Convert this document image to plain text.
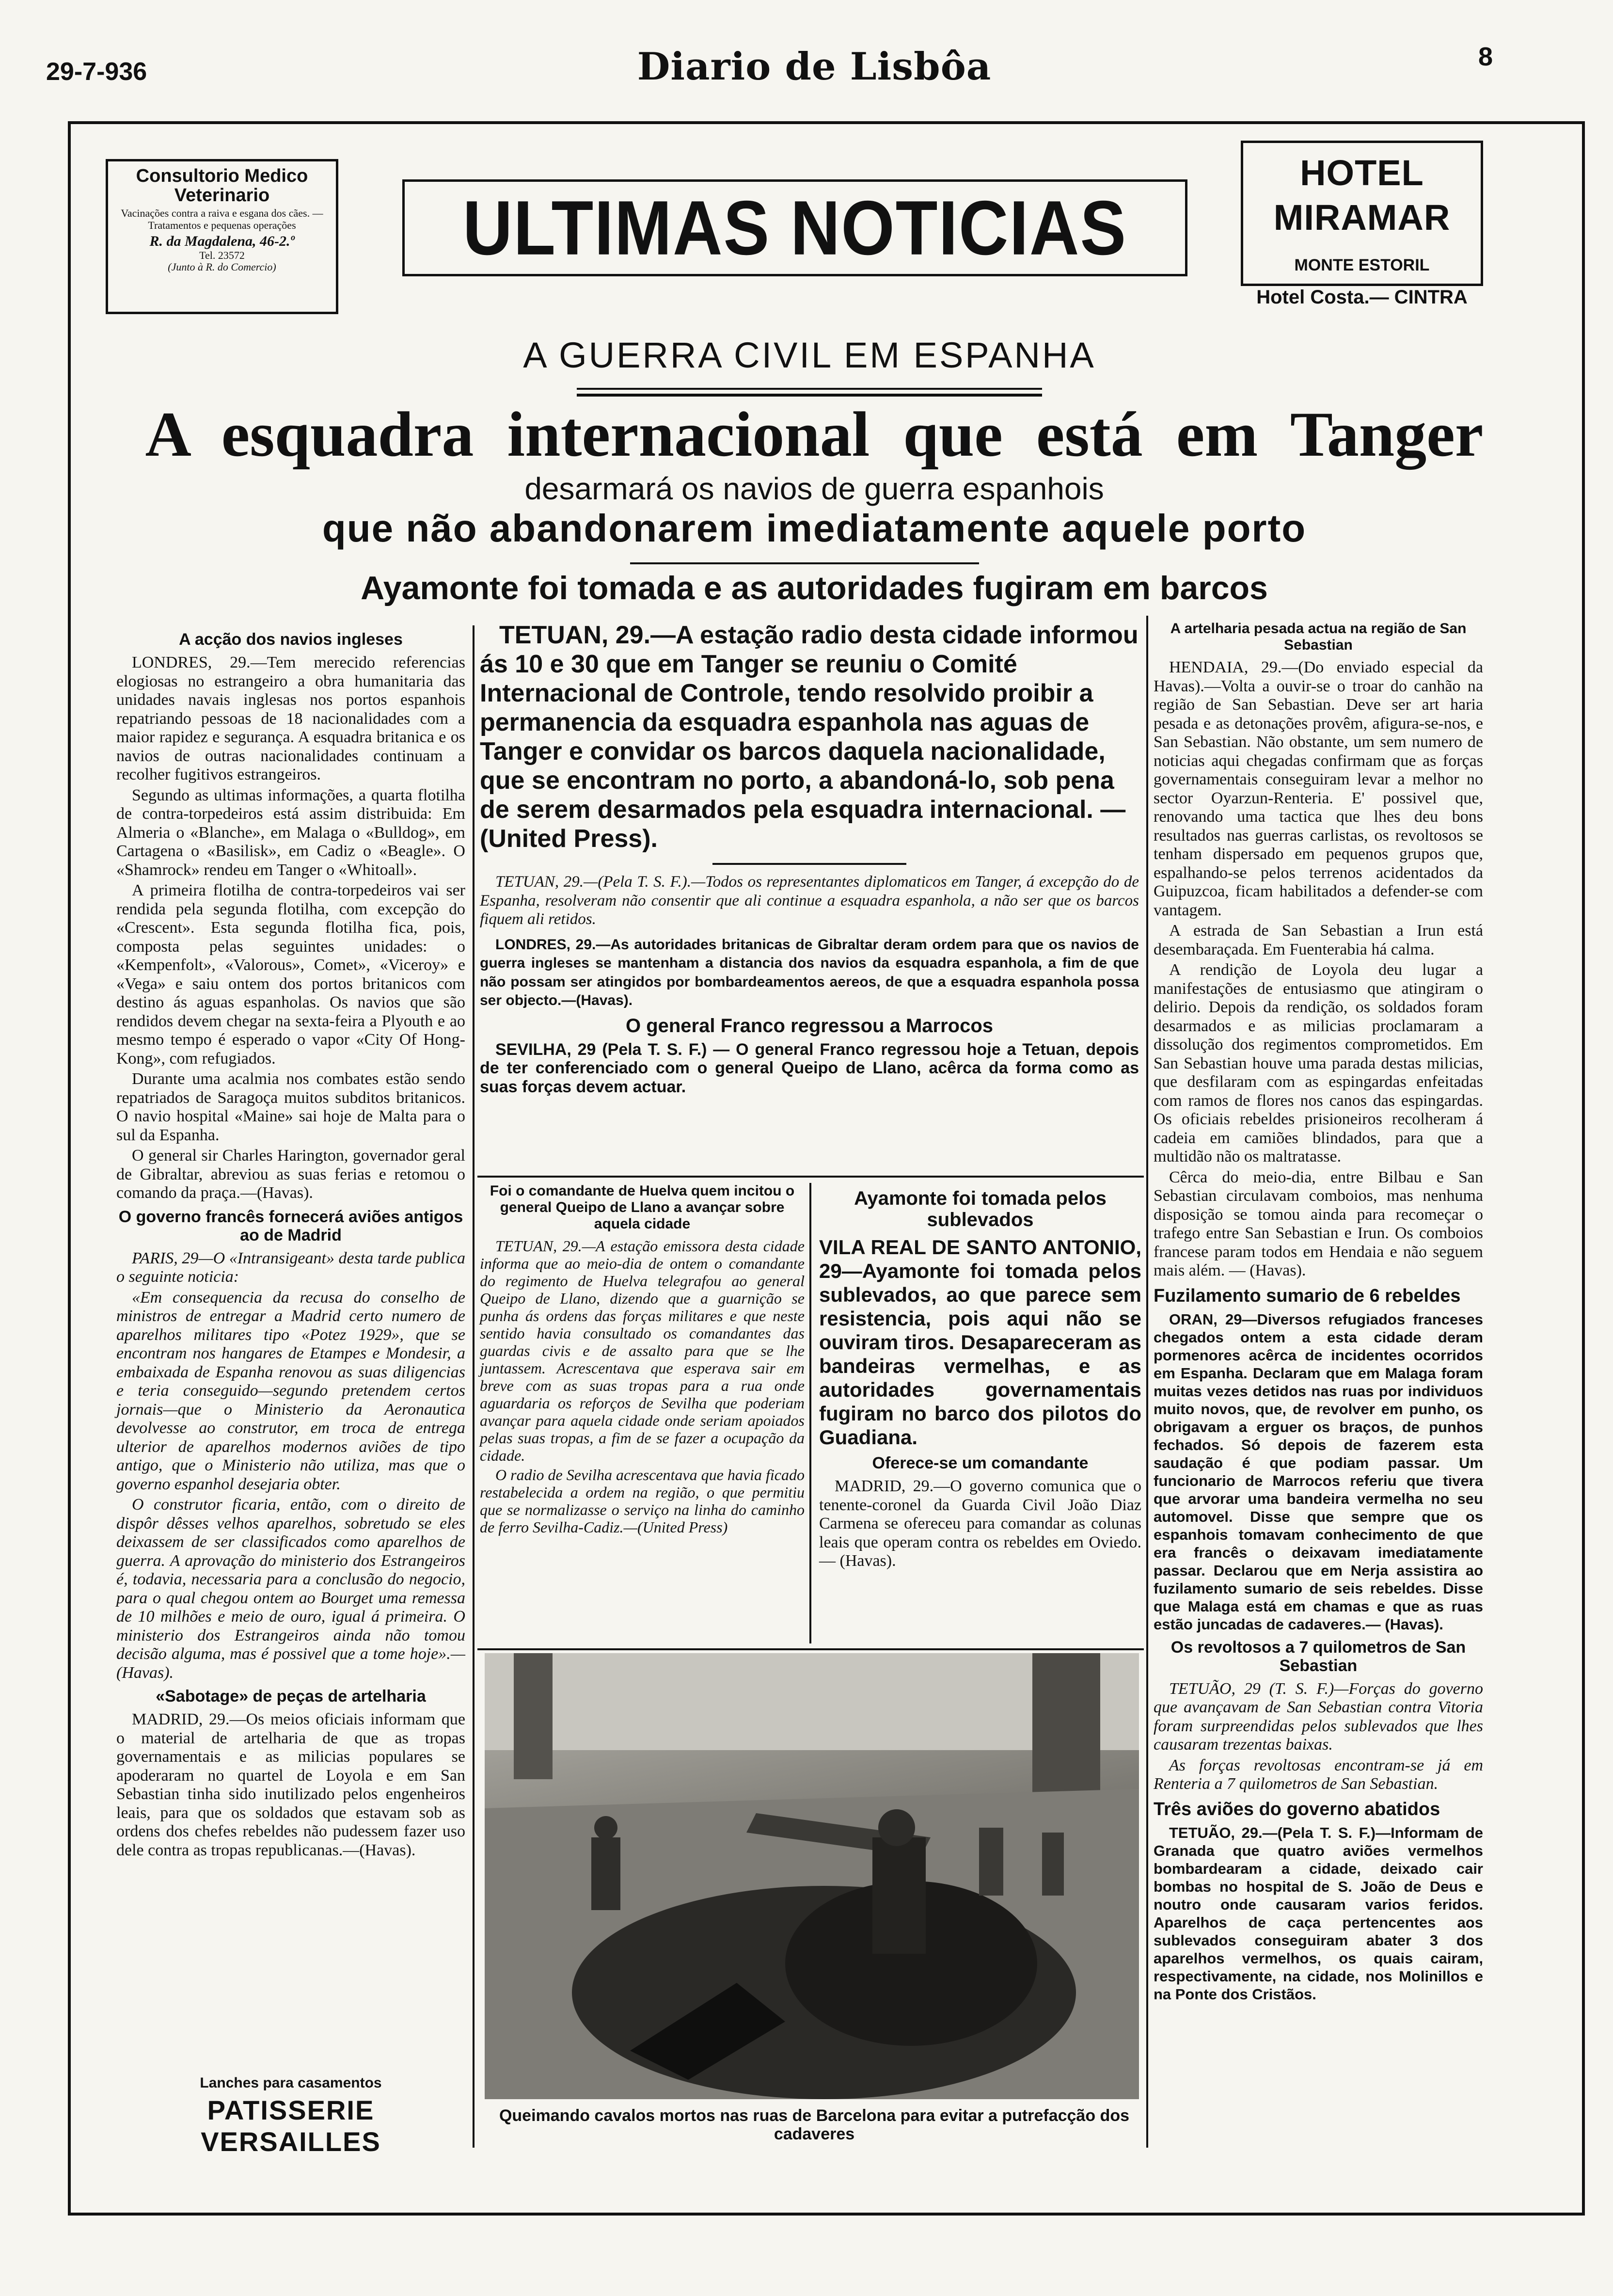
29-7-936	Diario de Lisbôa	8
Consultorio Medico
Veterinario
Vacinações contra a raiva e esgana dos cães. — Tratamentos e pequenas operações
R. da Magdalena, 46-2.º
Tel. 23572
(Junto à R. do Comercio)	ULTIMAS NOTICIAS
HOTEL MIRAMAR
MONTE ESTORIL
Hotel Costa.— CINTRA
A GUERRA CIVIL EM ESPANHA
A esquadra internacional que está em Tanger
desarmará os navios de guerra espanhois
que não abandonarem imediatamente aquele porto
Ayamonte foi tomada e as autoridades fugiram em barcos
A acção dos navios ingleses

LONDRES, 29.—Tem merecido referencias elogiosas no estrangeiro a obra humanitaria das unidades navais inglesas nos portos espanhois repatriando pessoas de 18 nacionalidades com a maior rapidez e segurança. A esquadra britanica e os navios de outras nacionalidades continuam a recolher fugitivos estrangeiros.

Segundo as ultimas informações, a quarta flotilha de contra-torpedeiros está assim distribuida: Em Almeria o «Blanche», em Malaga o «Bulldog», em Cartagena o «Basilisk», em Cadiz o «Beagle». O «Shamrock» rendeu em Tanger o «Whitoall».

A primeira flotilha de contra-torpedeiros vai ser rendida pela segunda flotilha, com excepção do «Crescent». Esta segunda flotilha fica, pois, composta pelas seguintes unidades: o «Kempenfolt», «Valorous», Comet», «Viceroy» e «Vega» e saiu ontem dos portos britanicos com destino ás aguas espanholas. Os navios que são rendidos devem chegar na sexta-feira a Plyouth e ao mesmo tempo é esperado o vapor «City Of Hong-Kong», com refugiados.

Durante uma acalmia nos combates estão sendo repatriados de Saragoça muitos subditos britanicos. O navio hospital «Maine» sai hoje de Malta para o sul da Espanha.

O general sir Charles Harington, governador geral de Gibraltar, abreviou as suas ferias e retomou o comando da praça.—(Havas).

O governo francês fornecerá aviões antigos ao de Madrid

PARIS, 29—O «Intransigeant» desta tarde publica o seguinte noticia:

«Em consequencia da recusa do conselho de ministros de entregar a Madrid certo numero de aparelhos militares tipo «Potez 1929», que se encontram nos hangares de Etampes e Mondesir, a embaixada de Espanha renovou as suas diligencias e teria conseguido—segundo pretendem certos jornais—que o Ministerio da Aeronautica devolvesse ao construtor, em troca de entrega ulterior de aparelhos modernos aviões de tipo antigo, que o Ministerio não utiliza, mas que o governo espanhol desejaria obter.

O construtor ficaria, então, com o direito de dispôr dêsses velhos aparelhos, sobretudo se eles deixassem de ser classificados como aparelhos de guerra. A aprovação do ministerio dos Estrangeiros é, todavia, necessaria para a conclusão do negocio, para o qual chegou ontem ao Bourget uma remessa de 10 milhões e meio de ouro, igual á primeira. O ministerio dos Estrangeiros ainda não tomou decisão alguma, mas é possivel que a tome hoje».—(Havas).

«Sabotage» de peças de artelharia

MADRID, 29.—Os meios oficiais informam que o material de artelharia de que as tropas governamentais e as milicias populares se apoderaram no quartel de Loyola e em San Sebastian tinha sido inutilizado pelos engenheiros leais, para que os soldados que estavam sob as ordens dos chefes rebeldes não pudessem fazer uso dele contra as tropas republicanas.—(Havas).

Lanches para casamentos
PATISSERIE VERSAILLES

TETUAN, 29.—A estação radio desta cidade informou ás 10 e 30 que em Tanger se reuniu o Comité Internacional de Controle, tendo resolvido proibir a permanencia da esquadra espanhola nas aguas de Tanger e convidar os barcos daquela nacionalidade, que se encontram no porto, a abandoná-lo, sob pena de serem desarmados pela esquadra internacional. — (United Press).

TETUAN, 29.—(Pela T. S. F.).—Todos os representantes diplomaticos em Tanger, á excepção do de Espanha, resolveram não consentir que ali continue a esquadra espanhola, a não ser que os barcos fiquem ali retidos.

LONDRES, 29.—As autoridades britanicas de Gibraltar deram ordem para que os navios de guerra ingleses se mantenham a distancia dos navios da esquadra espanhola, a fim de que não possam ser atingidos por bombardeamentos aereos, de que a esquadra espanhola possa ser objecto.—(Havas).

O general Franco regressou a Marrocos

SEVILHA, 29 (Pela T. S. F.) — O general Franco regressou hoje a Tetuan, depois de ter conferenciado com o general Queipo de Llano, acêrca da forma como as suas forças devem actuar.

Foi o comandante de Huelva quem incitou o general Queipo de Llano a avançar sobre aquela cidade

TETUAN, 29.—A estação emissora desta cidade informa que ao meio-dia de ontem o comandante do regimento de Huelva telegrafou ao general Queipo de Llano, dizendo que a guarnição se punha ás ordens das forças militares e que neste sentido havia consultado os comandantes das guardas civis e de assalto para que se lhe juntassem. Acrescentava que esperava sair em breve com as suas tropas para a rua onde aguardaria os reforços de Sevilha que poderiam avançar para aquela cidade onde seriam apoiados pelas suas tropas, a fim de se fazer a ocupação da cidade.

O radio de Sevilha acrescentava que havia ficado restabelecida a ordem na região, o que permitiu que se normalizasse o serviço na linha do caminho de ferro Sevilha-Cadiz.—(United Press)

Ayamonte foi tomada pelos sublevados

VILA REAL DE SANTO ANTONIO, 29—Ayamonte foi tomada pelos sublevados, ao que parece sem resistencia, pois aqui não se ouviram tiros. Desapareceram as bandeiras vermelhas, e as autoridades governamentais fugiram no barco dos pilotos do Guadiana.

Oferece-se um comandante

MADRID, 29.—O governo comunica que o tenente-coronel da Guarda Civil João Diaz Carmena se ofereceu para comandar as colunas leais que operam contra os rebeldes em Oviedo.— (Havas).

Queimando cavalos mortos nas ruas de Barcelona para evitar a putrefacção dos cadaveres
A artelharia pesada actua na região de San Sebastian

HENDAIA, 29.—(Do enviado especial da Havas).—Volta a ouvir-se o troar do canhão na região de San Sebastian. Deve ser art haria pesada e as detonações provêm, afigura-se-nos, e San Sebastian. Não obstante, um sem numero de noticias aqui chegadas confirmam que as forças governamentais conseguiram levar a melhor no sector Oyarzun-Renteria. E' possivel que, renovando uma tactica que lhes deu bons resultados nas guerras carlistas, os revoltosos se tenham dispersado em pequenos grupos que, espalhando-se pelos terrenos acidentados da Guipuzcoa, ficam habilitados a defender-se com vantagem.

A estrada de San Sebastian a Irun está desembaraçada. Em Fuenterabia há calma.

A rendição de Loyola deu lugar a manifestações de entusiasmo que atingiram o delirio. Depois da rendição, os soldados foram desarmados e as milicias proclamaram a dissolução dos regimentos comprometidos. Em San Sebastian houve uma parada destas milicias, que desfilaram com as espingardas enfeitadas com ramos de flores nos canos das espingardas. Os oficiais rebeldes prisioneiros recolheram á cadeia em camiões blindados, para que a multidão não os maltratasse.

Cêrca do meio-dia, entre Bilbau e San Sebastian circulavam comboios, mas nenhuma disposição se tomou ainda para recomeçar o trafego entre San Sebastian e Irun. Os comboios francese param todos em Hendaia e não seguem mais além. — (Havas).

Fuzilamento sumario de 6 rebeldes

ORAN, 29—Diversos refugiados franceses chegados ontem a esta cidade deram pormenores acêrca de incidentes ocorridos em Espanha. Declaram que em Malaga foram muitas vezes detidos nas ruas por individuos muito novos, que, de revolver em punho, os obrigavam a erguer os braços, de punhos fechados. Só depois de fazerem esta saudação é que podiam passar. Um funcionario de Marrocos referiu que tivera que arvorar uma bandeira vermelha no seu automovel. Disse que sempre que os espanhois tomavam conhecimento de que era francês o deixavam imediatamente passar. Declarou que em Nerja assistira ao fuzilamento sumario de seis rebeldes. Disse que Malaga está em chamas e que as ruas estão juncadas de cadaveres.— (Havas).

Os revoltosos a 7 quilometros de San Sebastian

TETUÃO, 29 (T. S. F.)—Forças do governo que avançavam de San Sebastian contra Vitoria foram surpreendidas pelos sublevados que lhes causaram trezentas baixas.

As forças revoltosas encontram-se já em Renteria a 7 quilometros de San Sebastian.

Três aviões do governo abatidos

TETUÃO, 29.—(Pela T. S. F.)—Informam de Granada que quatro aviões vermelhos bombardearam a cidade, deixado cair bombas no hospital de S. João de Deus e noutro onde causaram varios feridos. Aparelhos de caça pertencentes aos sublevados conseguiram abater 3 dos aparelhos vermelhos, os quais cairam, respectivamente, na cidade, nos Molinillos e na Ponte dos Cristãos.
